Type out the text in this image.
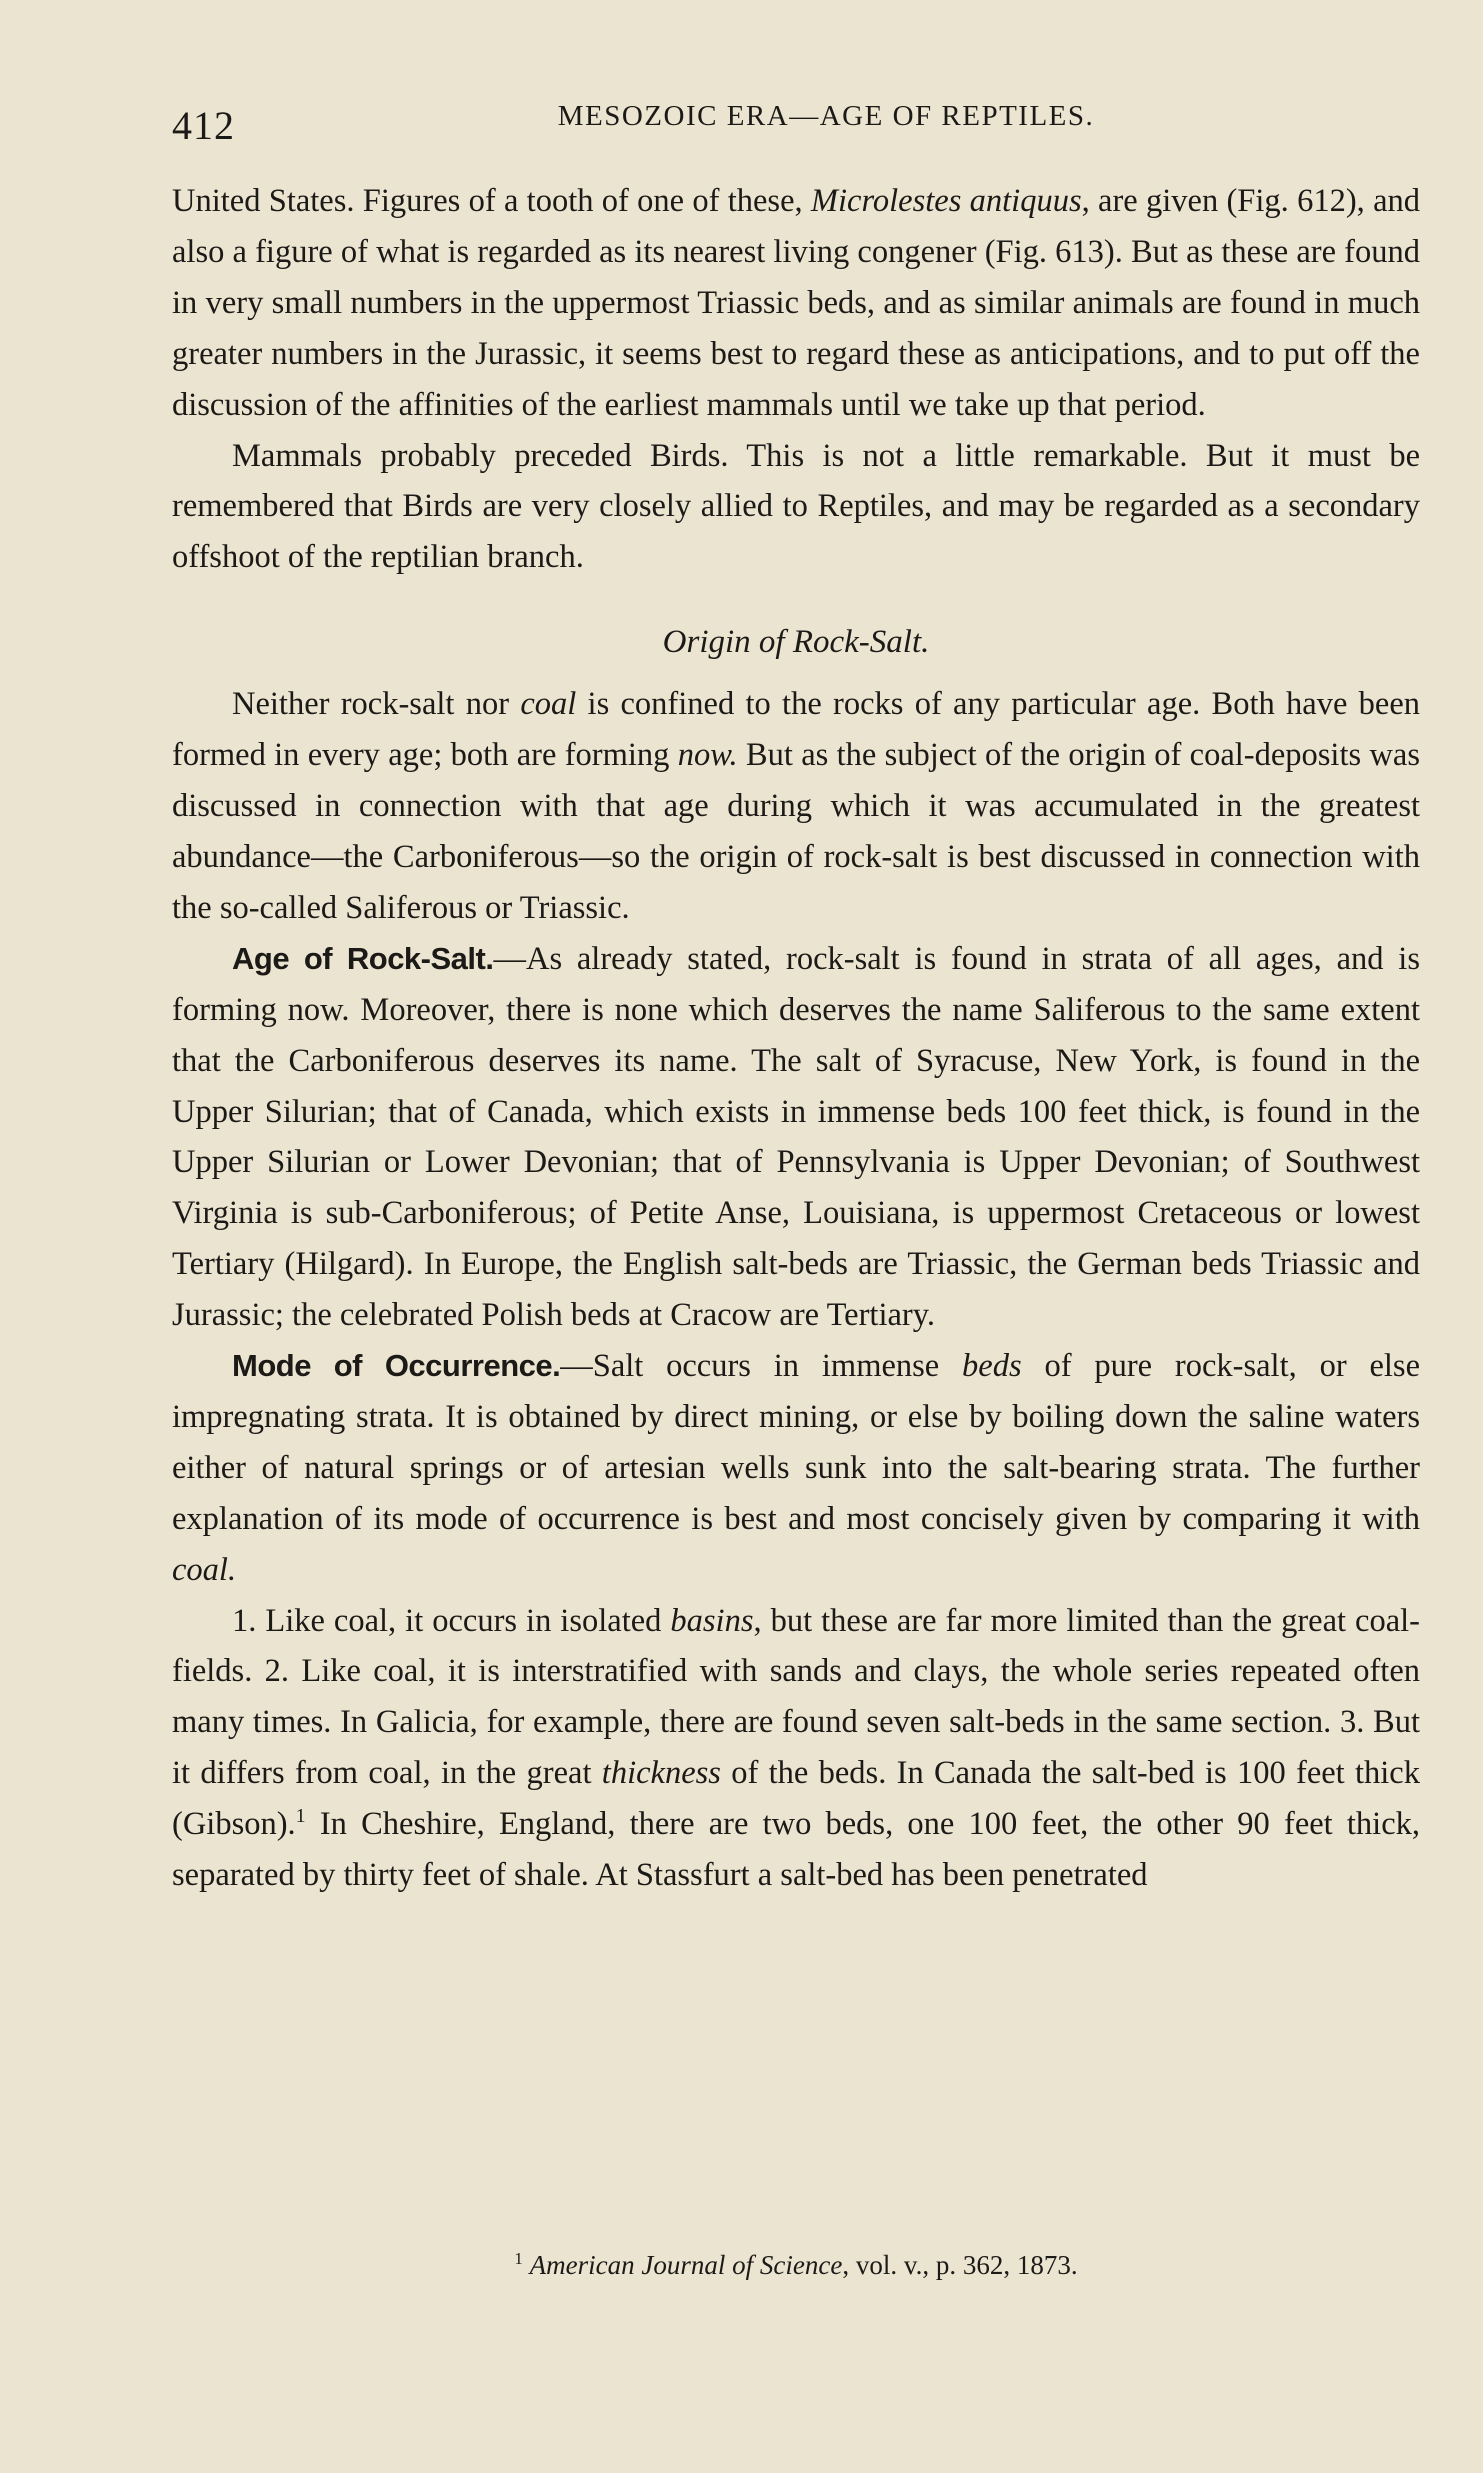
412	MESOZOIC ERA—AGE OF REPTILES.

United States. Figures of a tooth of one of these, Microlestes antiquus, are given (Fig. 612), and also a figure of what is regarded as its nearest living congener (Fig. 613). But as these are found in very small numbers in the uppermost Triassic beds, and as similar animals are found in much greater numbers in the Jurassic, it seems best to regard these as anticipations, and to put off the discussion of the affinities of the earliest mammals until we take up that period.

Mammals probably preceded Birds. This is not a little remarkable. But it must be remembered that Birds are very closely allied to Reptiles, and may be regarded as a secondary offshoot of the reptilian branch.

Origin of Rock-Salt.

Neither rock-salt nor coal is confined to the rocks of any particular age. Both have been formed in every age; both are forming now. But as the subject of the origin of coal-deposits was discussed in connection with that age during which it was accumulated in the greatest abundance—the Carboniferous—so the origin of rock-salt is best discussed in connection with the so-called Saliferous or Triassic.

Age of Rock-Salt.—As already stated, rock-salt is found in strata of all ages, and is forming now. Moreover, there is none which deserves the name Saliferous to the same extent that the Carboniferous deserves its name. The salt of Syracuse, New York, is found in the Upper Silurian; that of Canada, which exists in immense beds 100 feet thick, is found in the Upper Silurian or Lower Devonian; that of Pennsylvania is Upper Devonian; of Southwest Virginia is sub-Carboniferous; of Petite Anse, Louisiana, is uppermost Cretaceous or lowest Tertiary (Hilgard). In Europe, the English salt-beds are Triassic, the German beds Triassic and Jurassic; the celebrated Polish beds at Cracow are Tertiary.

Mode of Occurrence.—Salt occurs in immense beds of pure rock-salt, or else impregnating strata. It is obtained by direct mining, or else by boiling down the saline waters either of natural springs or of artesian wells sunk into the salt-bearing strata. The further explanation of its mode of occurrence is best and most concisely given by comparing it with coal.

1. Like coal, it occurs in isolated basins, but these are far more limited than the great coal-fields. 2. Like coal, it is interstratified with sands and clays, the whole series repeated often many times. In Galicia, for example, there are found seven salt-beds in the same section. 3. But it differs from coal, in the great thickness of the beds. In Canada the salt-bed is 100 feet thick (Gibson).$^1$ In Cheshire, England, there are two beds, one 100 feet, the other 90 feet thick, separated by thirty feet of shale. At Stassfurt a salt-bed has been penetrated

$^1$ American Journal of Science, vol. v., p. 362, 1873.
